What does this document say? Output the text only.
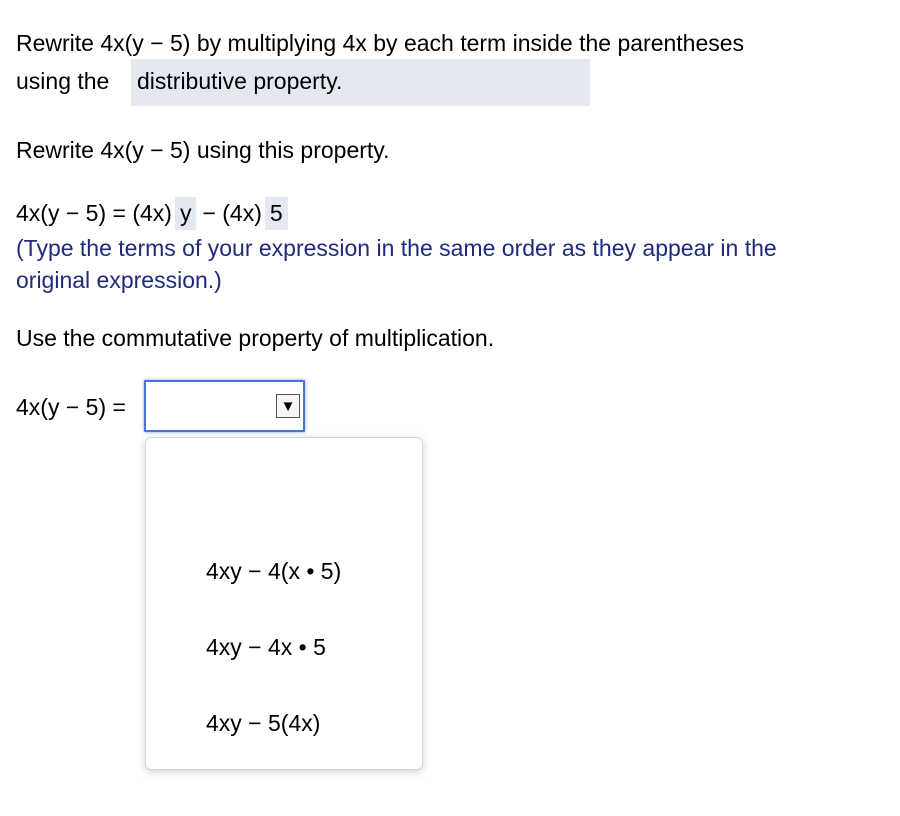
Rewrite 4x(y − 5) by multiplying 4x by each term inside the parentheses
using the distributive property.
Rewrite 4x(y − 5) using this property.
4x(y − 5) = (4x) y − (4x) 5
(Type the terms of your expression in the same order as they appear in the
original expression.)
Use the commutative property of multiplication.
4x(y − 5) =	▼
4xy − 4(x • 5)
4xy − 4x • 5
4xy − 5(4x)
